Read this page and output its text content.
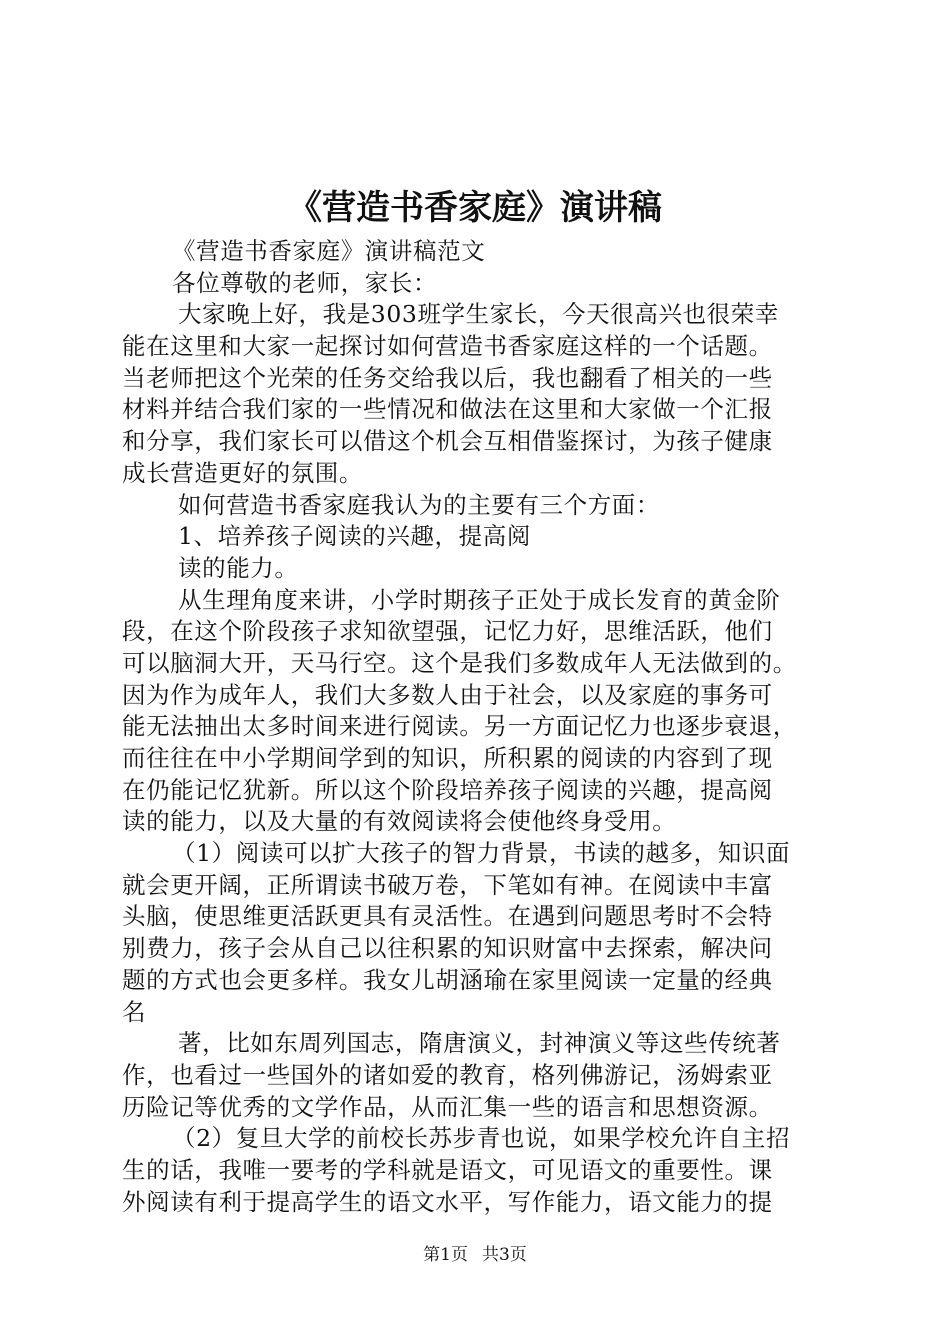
《营造书香家庭》演讲稿
《营造书香家庭》演讲稿范文
各位尊敬的老师，家长：
大家晚上好，我是303班学生家长，今天很高兴也很荣幸
能在这里和大家一起探讨如何营造书香家庭这样的一个话题。
当老师把这个光荣的任务交给我以后，我也翻看了相关的一些
材料并结合我们家的一些情况和做法在这里和大家做一个汇报
和分享，我们家长可以借这个机会互相借鉴探讨，为孩子健康
成长营造更好的氛围。
如何营造书香家庭我认为的主要有三个方面：
1、培养孩子阅读的兴趣，提高阅
读的能力。
从生理角度来讲，小学时期孩子正处于成长发育的黄金阶
段，在这个阶段孩子求知欲望强，记忆力好，思维活跃，他们
可以脑洞大开，天马行空。这个是我们多数成年人无法做到的。
因为作为成年人，我们大多数人由于社会，以及家庭的事务可
能无法抽出太多时间来进行阅读。另一方面记忆力也逐步衰退，
而往往在中小学期间学到的知识，所积累的阅读的内容到了现
在仍能记忆犹新。所以这个阶段培养孩子阅读的兴趣，提高阅
读的能力，以及大量的有效阅读将会使他终身受用。
（1）阅读可以扩大孩子的智力背景，书读的越多，知识面
就会更开阔，正所谓读书破万卷，下笔如有神。在阅读中丰富
头脑，使思维更活跃更具有灵活性。在遇到问题思考时不会特
别费力，孩子会从自己以往积累的知识财富中去探索，解决问
题的方式也会更多样。我女儿胡涵瑜在家里阅读一定量的经典
名
著，比如东周列国志，隋唐演义，封神演义等这些传统著
作，也看过一些国外的诸如爱的教育，格列佛游记，汤姆索亚
历险记等优秀的文学作品，从而汇集一些的语言和思想资源。
（2）复旦大学的前校长苏步青也说，如果学校允许自主招
生的话，我唯一要考的学科就是语文，可见语文的重要性。课
外阅读有利于提高学生的语文水平，写作能力，语文能力的提
第1页 共3页
